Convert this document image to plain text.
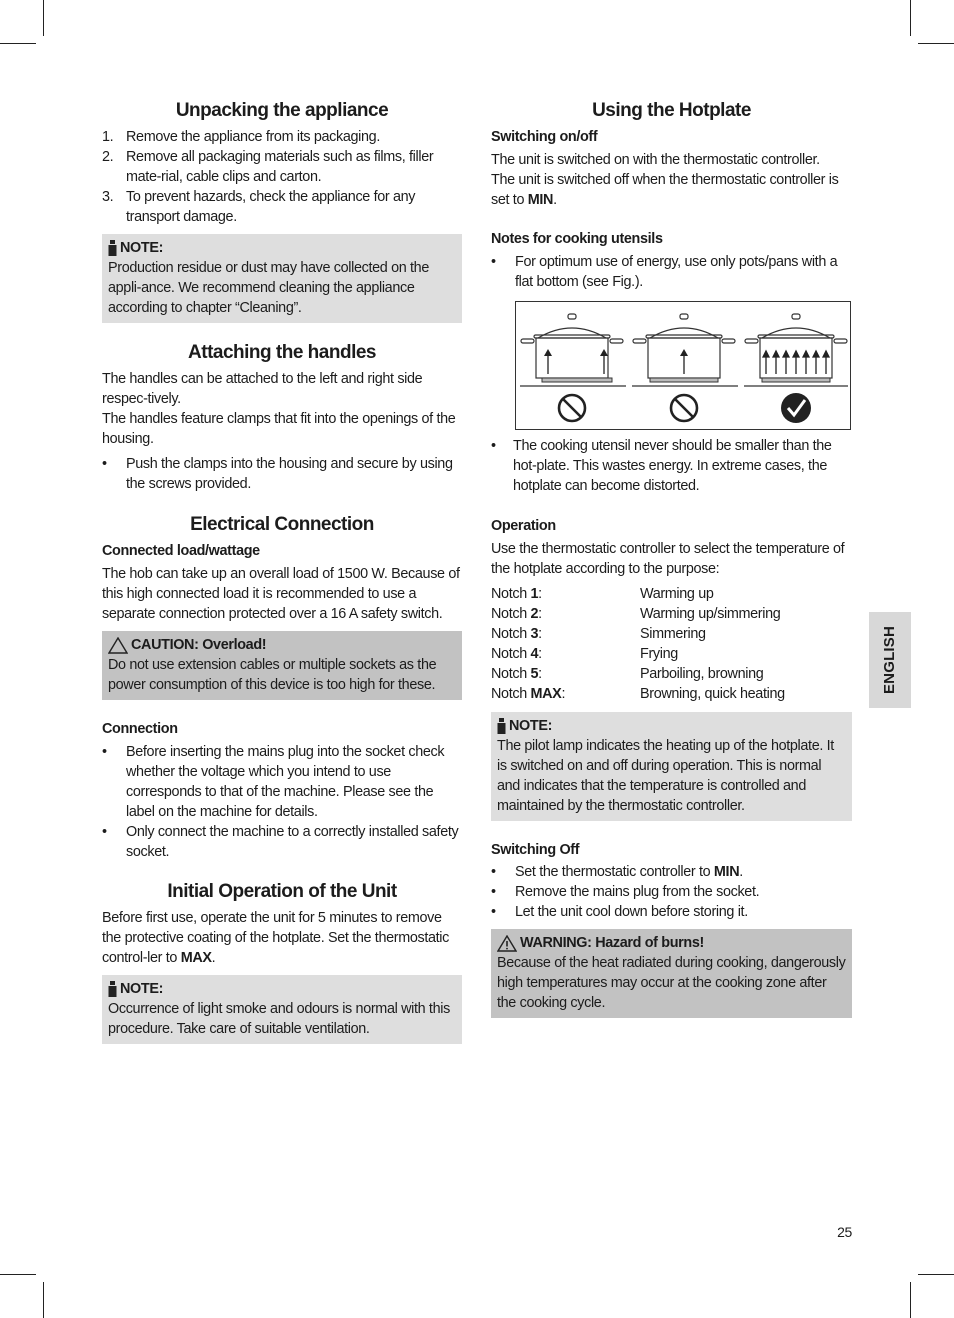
Unpacking the appliance
1. Remove the appliance from its packaging.
2. Remove all packaging materials such as films, filler mate-rial, cable clips and carton.
3. To prevent hazards, check the appliance for any transport damage.
NOTE:

Production residue or dust may have collected on the appli-ance. We recommend cleaning the appliance according to chapter “Cleaning”.

Attaching the handles

The handles can be attached to the left and right side respec-tively.

The handles feature clamps that fit into the openings of the housing.

•	Push the clamps into the housing and secure by using the screws provided.
Electrical Connection
Connected load/wattage

The hob can take up an overall load of 1500 W. Because of this high connected load it is recommended to use a separate connection protected over a 16 A safety switch.

CAUTION: Overload!

Do not use extension cables or multiple sockets as the power consumption of this device is too high for these.

Connection
•	Before inserting the mains plug into the socket check whether the voltage which you intend to use corresponds to that of the machine. Please see the label on the machine for details.
•	Only connect the machine to a correctly installed safety socket.
Initial Operation of the Unit

Before first use, operate the unit for 5 minutes to remove the protective coating of the hotplate. Set the thermostatic control-ler to MAX.

NOTE:

Occurrence of light smoke and odours is normal with this procedure. Take care of suitable ventilation.

Using the Hotplate
Switching on/off

The unit is switched on with the thermostatic controller.

The unit is switched off when the thermostatic controller is set to MIN.

Notes for cooking utensils
•	For optimum use of energy, use only pots/pans with a flat bottom (see Fig.).
•	The cooking utensil never should be smaller than the hot-plate. This wastes energy. In extreme cases, the hotplate can become distorted.
Operation

Use the thermostatic controller to select the temperature of the hotplate according to the purpose:

Notch 1:	Warming up
Notch 2:	Warming up/simmering
Notch 3:	Simmering
Notch 4:	Frying
Notch 5:	Parboiling, browning
Notch MAX:	Browning, quick heating
NOTE:

The pilot lamp indicates the heating up of the hotplate. It is switched on and off during operation. This is normal and indicates that the temperature is controlled and maintained by the thermostatic controller.

Switching Off
•	Set the thermostatic controller to MIN.
•	Remove the mains plug from the socket.
•	Let the unit cool down before storing it.
WARNING: Hazard of burns!

Because of the heat radiated during cooking, dangerously high temperatures may occur at the cooking zone after the cooking cycle.

ENGLISH
25
